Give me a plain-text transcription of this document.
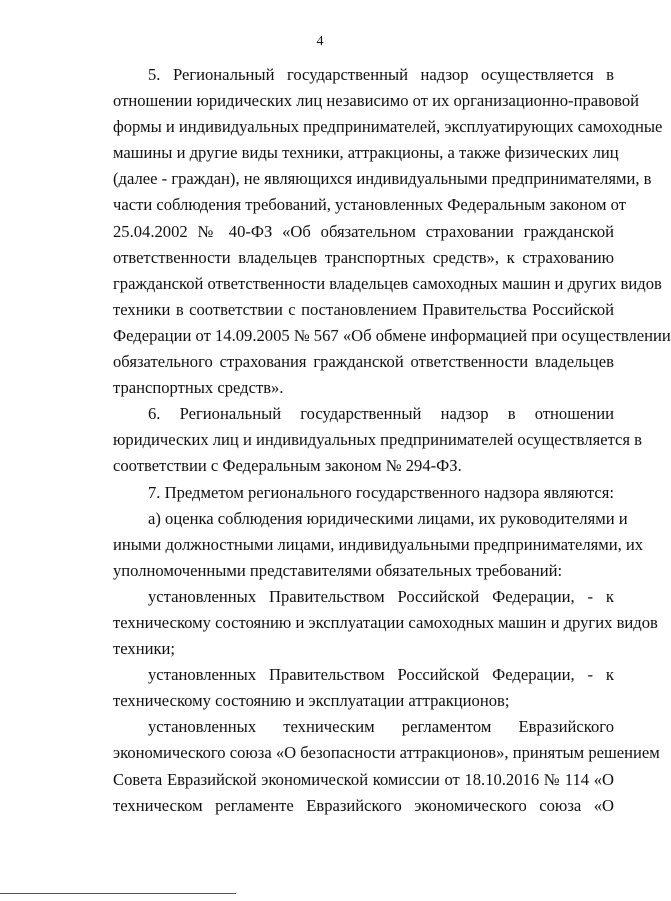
4
5. Региональный государственный надзор осуществляется в
отношении юридических лиц независимо от их организационно-правовой
формы и индивидуальных предпринимателей, эксплуатирующих самоходные
машины и другие виды техники, аттракционы, а также физических лиц
(далее - граждан), не являющихся индивидуальными предпринимателями, в
части соблюдения требований, установленных Федеральным законом от
25.04.2002 № 40-ФЗ «Об обязательном страховании гражданской
ответственности владельцев транспортных средств», к страхованию
гражданской ответственности владельцев самоходных машин и других видов
техники в соответствии с постановлением Правительства Российской
Федерации от 14.09.2005 № 567 «Об обмене информацией при осуществлении
обязательного страхования гражданской ответственности владельцев
транспортных средств».
6. Региональный государственный надзор в отношении
юридических лиц и индивидуальных предпринимателей осуществляется в
соответствии с Федеральным законом № 294-ФЗ.
7. Предметом регионального государственного надзора являются:
а) оценка соблюдения юридическими лицами, их руководителями и
иными должностными лицами, индивидуальными предпринимателями, их
уполномоченными представителями обязательных требований:
установленных Правительством Российской Федерации, - к
техническому состоянию и эксплуатации самоходных машин и других видов
техники;
установленных Правительством Российской Федерации, - к
техническому состоянию и эксплуатации аттракционов;
установленных техническим регламентом Евразийского
экономического союза «О безопасности аттракционов», принятым решением
Совета Евразийской экономической комиссии от 18.10.2016 № 114 «О
техническом регламенте Евразийского экономического союза «О
